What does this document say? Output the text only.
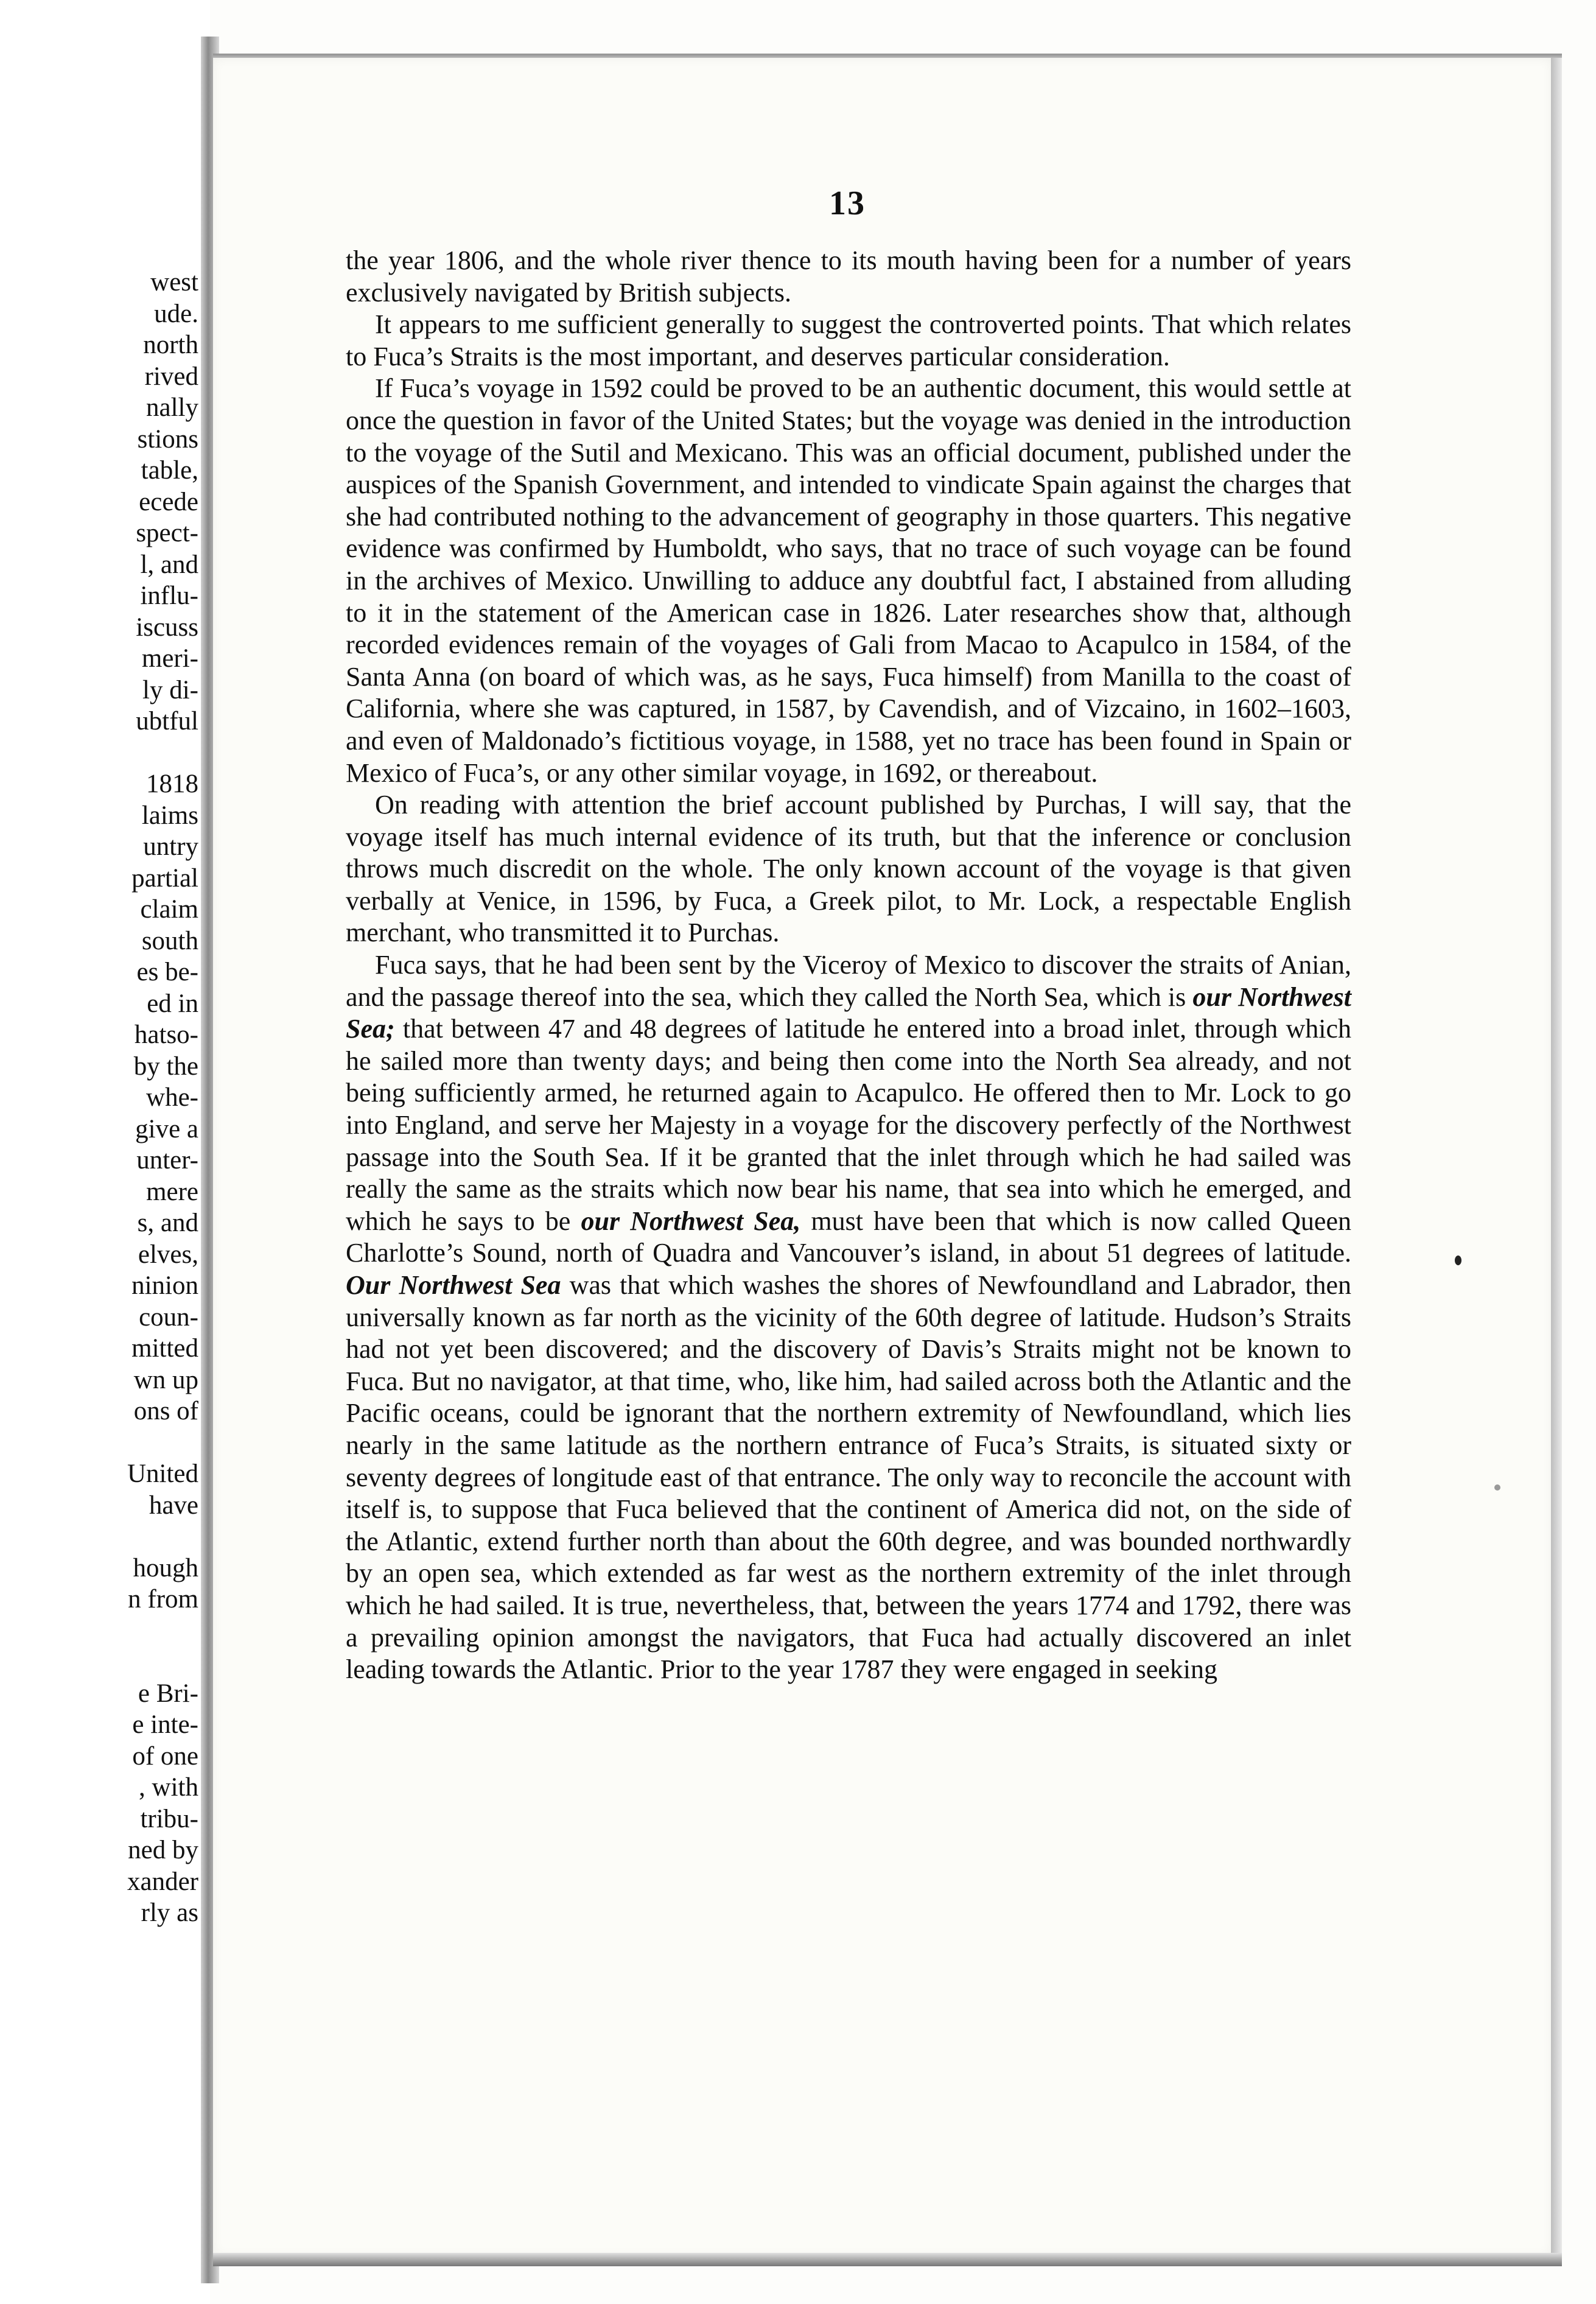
west
ude.
north
rived
nally
stions
table,
ecede
spect-
l, and
influ-
iscuss
meri-
ly di-
ubtful
1818
laims
untry
partial
claim
south
es be-
ed in
hatso-
by the
whe-
give a
unter-
mere
s, and
elves,
ninion
coun-
mitted
wn up
ons of
United
have
hough
n from
e Bri-
e inte-
of one
, with
tribu-
ned by
xander
rly as
13

the year 1806, and the whole river thence to its mouth having been for a number of years exclusively navigated by British subjects.

It appears to me sufficient generally to suggest the controverted points. That which relates to Fuca’s Straits is the most important, and deserves particular consideration.

If Fuca’s voyage in 1592 could be proved to be an authentic document, this would settle at once the question in favor of the United States; but the voyage was denied in the introduction to the voyage of the Sutil and Mexicano. This was an official document, published under the auspices of the Spanish Government, and intended to vindicate Spain against the charges that she had contributed nothing to the advancement of geography in those quarters. This negative evidence was confirmed by Humboldt, who says, that no trace of such voyage can be found in the archives of Mexico. Unwilling to adduce any doubtful fact, I abstained from alluding to it in the statement of the American case in 1826. Later researches show that, although recorded evidences remain of the voyages of Gali from Macao to Acapulco in 1584, of the Santa Anna (on board of which was, as he says, Fuca himself) from Manilla to the coast of California, where she was captured, in 1587, by Cavendish, and of Vizcaino, in 1602–1603, and even of Maldonado’s fictitious voyage, in 1588, yet no trace has been found in Spain or Mexico of Fuca’s, or any other similar voyage, in 1692, or thereabout.

On reading with attention the brief account published by Purchas, I will say, that the voyage itself has much internal evidence of its truth, but that the inference or conclusion throws much discredit on the whole. The only known account of the voyage is that given verbally at Venice, in 1596, by Fuca, a Greek pilot, to Mr. Lock, a respectable English merchant, who transmitted it to Purchas.

Fuca says, that he had been sent by the Viceroy of Mexico to discover the straits of Anian, and the passage thereof into the sea, which they called the North Sea, which is our Northwest Sea; that between 47 and 48 degrees of latitude he entered into a broad inlet, through which he sailed more than twenty days; and being then come into the North Sea already, and not being sufficiently armed, he returned again to Acapulco. He offered then to Mr. Lock to go into England, and serve her Majesty in a voyage for the discovery perfectly of the Northwest passage into the South Sea. If it be granted that the inlet through which he had sailed was really the same as the straits which now bear his name, that sea into which he emerged, and which he says to be our Northwest Sea, must have been that which is now called Queen Charlotte’s Sound, north of Quadra and Vancouver’s island, in about 51 degrees of latitude. Our Northwest Sea was that which washes the shores of Newfoundland and Labrador, then universally known as far north as the vicinity of the 60th degree of latitude. Hudson’s Straits had not yet been discovered; and the discovery of Davis’s Straits might not be known to Fuca. But no navigator, at that time, who, like him, had sailed across both the Atlantic and the Pacific oceans, could be ignorant that the northern extremity of Newfoundland, which lies nearly in the same latitude as the northern entrance of Fuca’s Straits, is situated sixty or seventy degrees of longitude east of that entrance. The only way to reconcile the account with itself is, to suppose that Fuca believed that the continent of America did not, on the side of the Atlantic, extend further north than about the 60th degree, and was bounded northwardly by an open sea, which extended as far west as the northern extremity of the inlet through which he had sailed. It is true, nevertheless, that, between the years 1774 and 1792, there was a prevailing opinion amongst the navigators, that Fuca had actually discovered an inlet leading towards the Atlantic. Prior to the year 1787 they were engaged in seeking
